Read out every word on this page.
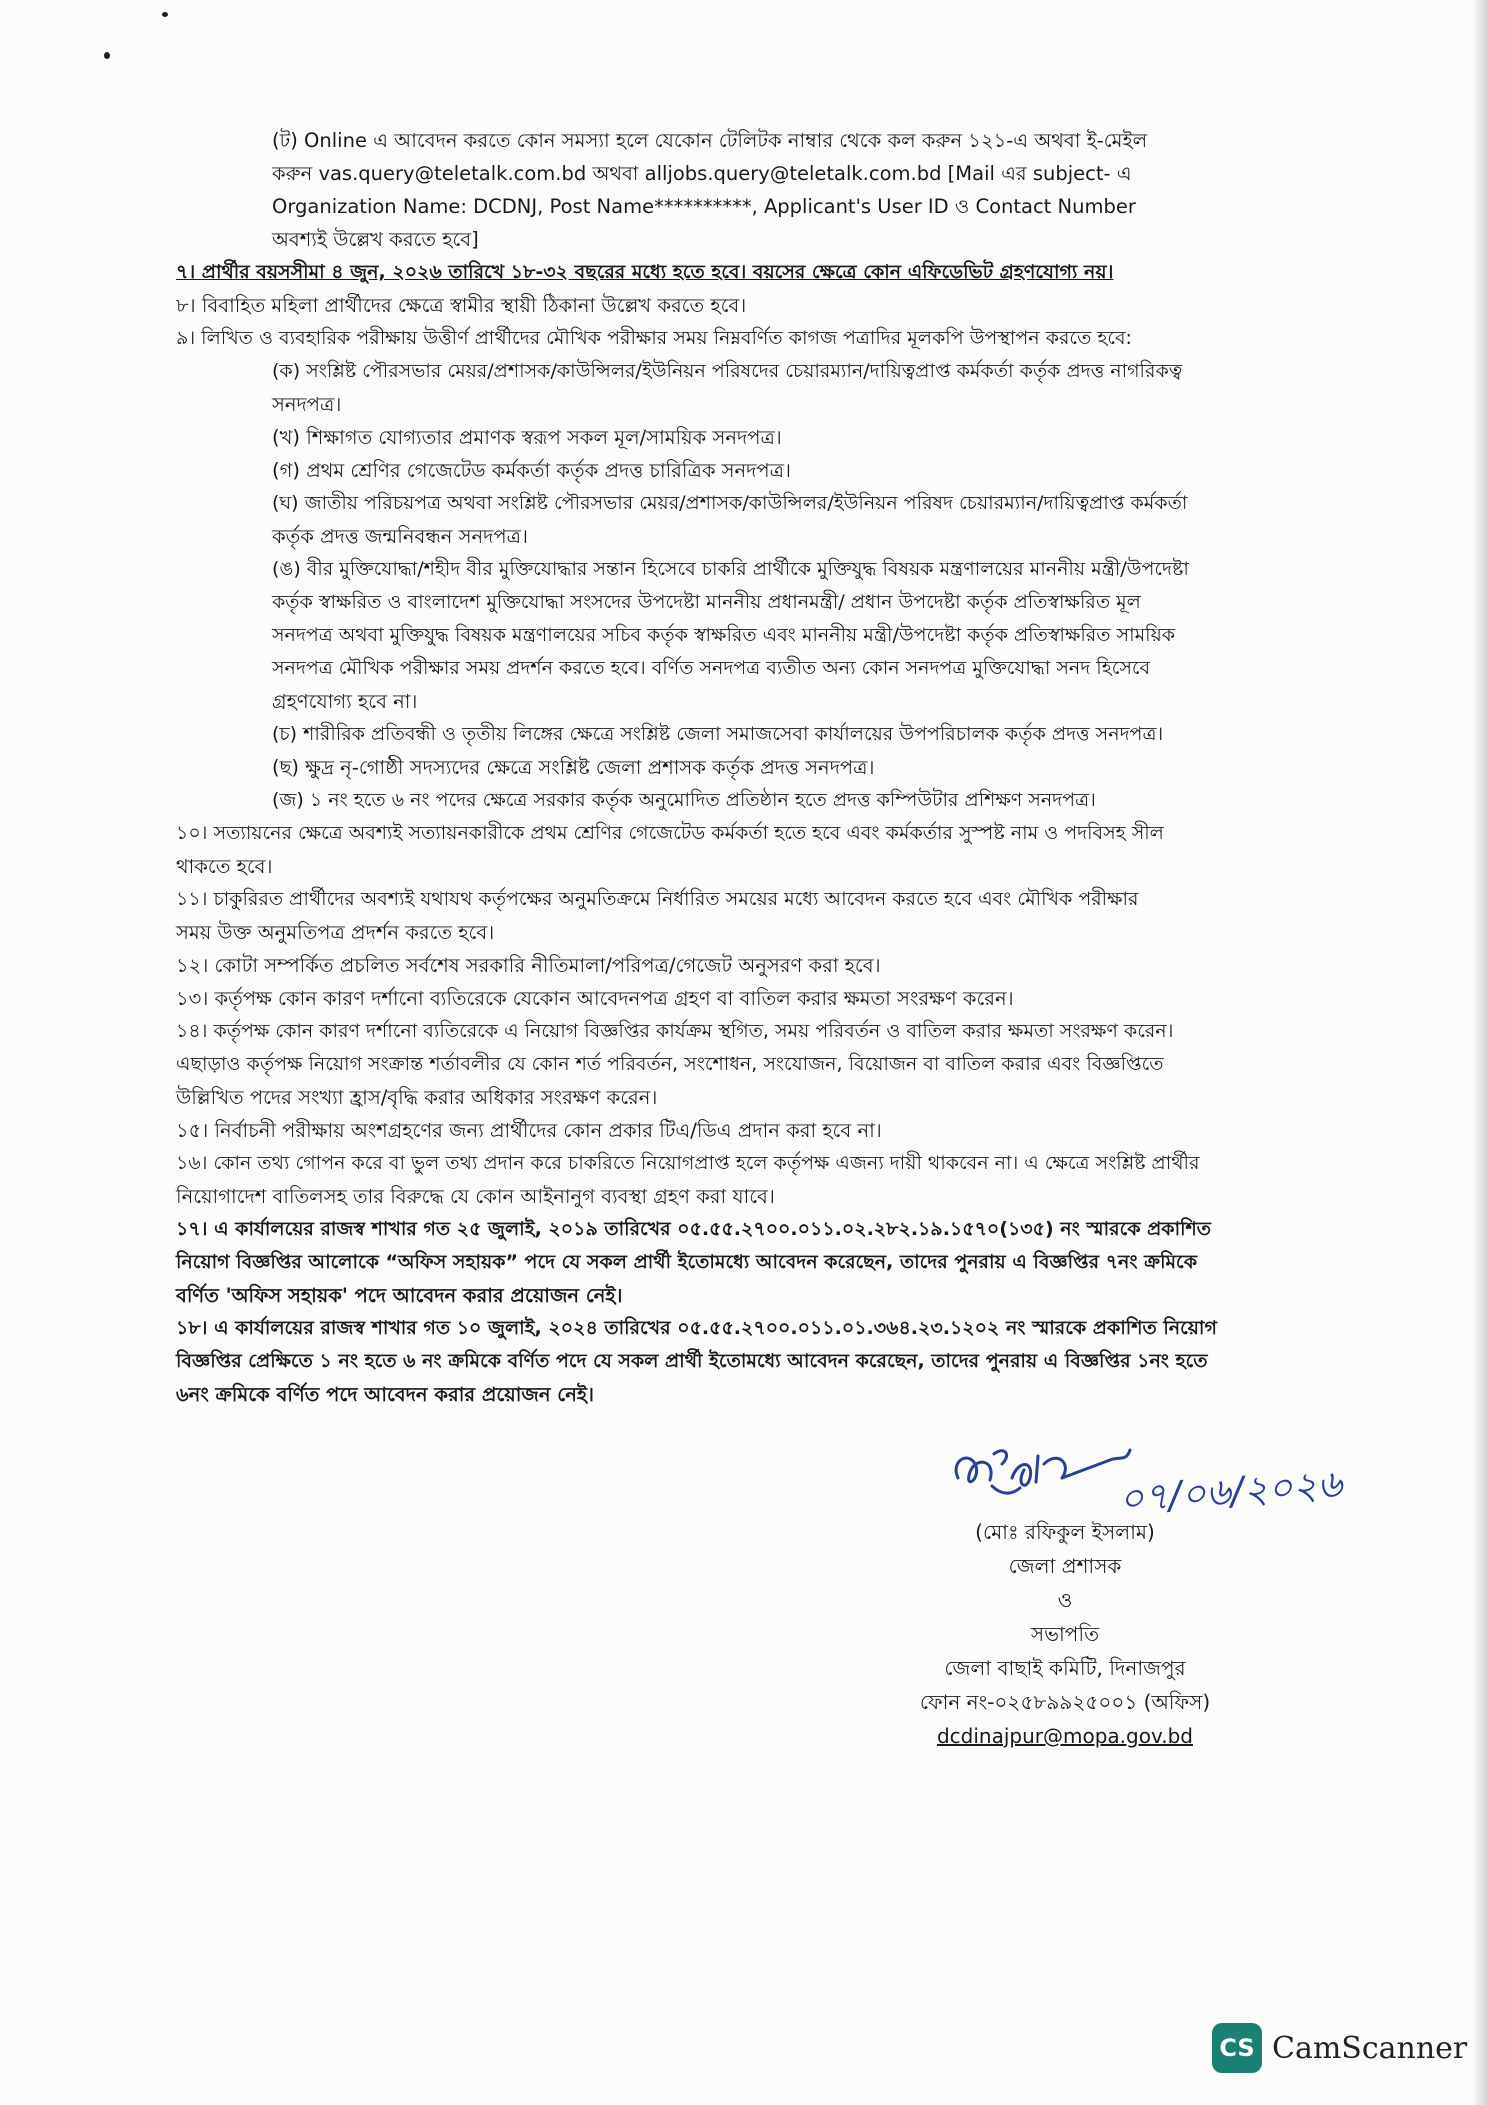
(ট) Online এ আবেদন করতে কোন সমস্যা হলে যেকোন টেলিটক নাম্বার থেকে কল করুন ১২১-এ অথবা ই-মেইল
করুন vas.query@teletalk.com.bd অথবা alljobs.query@teletalk.com.bd [Mail এর subject- এ
Organization Name: DCDNJ, Post Name**********, Applicant's User ID ও Contact Number
অবশ্যই উল্লেখ করতে হবে]
৭। প্রার্থীর বয়সসীমা ৪ জুন, ২০২৬ তারিখে ১৮-৩২ বছরের মধ্যে হতে হবে। বয়সের ক্ষেত্রে কোন এফিডেভিট গ্রহণযোগ্য নয়।
৮। বিবাহিত মহিলা প্রার্থীদের ক্ষেত্রে স্বামীর স্থায়ী ঠিকানা উল্লেখ করতে হবে।
৯। লিখিত ও ব্যবহারিক পরীক্ষায় উত্তীর্ণ প্রার্থীদের মৌখিক পরীক্ষার সময় নিম্নবর্ণিত কাগজ পত্রাদির মূলকপি উপস্থাপন করতে হবে:
(ক) সংশ্লিষ্ট পৌরসভার মেয়র/প্রশাসক/কাউন্সিলর/ইউনিয়ন পরিষদের চেয়ারম্যান/দায়িত্বপ্রাপ্ত কর্মকর্তা কর্তৃক প্রদত্ত নাগরিকত্ব
সনদপত্র।
(খ) শিক্ষাগত যোগ্যতার প্রমাণক স্বরূপ সকল মূল/সাময়িক সনদপত্র।
(গ) প্রথম শ্রেণির গেজেটেড কর্মকর্তা কর্তৃক প্রদত্ত চারিত্রিক সনদপত্র।
(ঘ) জাতীয় পরিচয়পত্র অথবা সংশ্লিষ্ট পৌরসভার মেয়র/প্রশাসক/কাউন্সিলর/ইউনিয়ন পরিষদ চেয়ারম্যান/দায়িত্বপ্রাপ্ত কর্মকর্তা
কর্তৃক প্রদত্ত জন্মনিবন্ধন সনদপত্র।
(ঙ) বীর মুক্তিযোদ্ধা/শহীদ বীর মুক্তিযোদ্ধার সন্তান হিসেবে চাকরি প্রার্থীকে মুক্তিযুদ্ধ বিষয়ক মন্ত্রণালয়ের মাননীয় মন্ত্রী/উপদেষ্টা
কর্তৃক স্বাক্ষরিত ও বাংলাদেশ মুক্তিযোদ্ধা সংসদের উপদেষ্টা মাননীয় প্রধানমন্ত্রী/ প্রধান উপদেষ্টা কর্তৃক প্রতিস্বাক্ষরিত মূল
সনদপত্র অথবা মুক্তিযুদ্ধ বিষয়ক মন্ত্রণালয়ের সচিব কর্তৃক স্বাক্ষরিত এবং মাননীয় মন্ত্রী/উপদেষ্টা কর্তৃক প্রতিস্বাক্ষরিত সাময়িক
সনদপত্র মৌখিক পরীক্ষার সময় প্রদর্শন করতে হবে। বর্ণিত সনদপত্র ব্যতীত অন্য কোন সনদপত্র মুক্তিযোদ্ধা সনদ হিসেবে
গ্রহণযোগ্য হবে না।
(চ) শারীরিক প্রতিবন্ধী ও তৃতীয় লিঙ্গের ক্ষেত্রে সংশ্লিষ্ট জেলা সমাজসেবা কার্যালয়ের উপপরিচালক কর্তৃক প্রদত্ত সনদপত্র।
(ছ) ক্ষুদ্র নৃ-গোষ্ঠী সদস্যদের ক্ষেত্রে সংশ্লিষ্ট জেলা প্রশাসক কর্তৃক প্রদত্ত সনদপত্র।
(জ) ১ নং হতে ৬ নং পদের ক্ষেত্রে সরকার কর্তৃক অনুমোদিত প্রতিষ্ঠান হতে প্রদত্ত কম্পিউটার প্রশিক্ষণ সনদপত্র।
১০। সত্যায়নের ক্ষেত্রে অবশ্যই সত্যায়নকারীকে প্রথম শ্রেণির গেজেটেড কর্মকর্তা হতে হবে এবং কর্মকর্তার সুস্পষ্ট নাম ও পদবিসহ সীল
থাকতে হবে।
১১। চাকুরিরত প্রার্থীদের অবশ্যই যথাযথ কর্তৃপক্ষের অনুমতিক্রমে নির্ধারিত সময়ের মধ্যে আবেদন করতে হবে এবং মৌখিক পরীক্ষার
সময় উক্ত অনুমতিপত্র প্রদর্শন করতে হবে।
১২। কোটা সম্পর্কিত প্রচলিত সর্বশেষ সরকারি নীতিমালা/পরিপত্র/গেজেট অনুসরণ করা হবে।
১৩। কর্তৃপক্ষ কোন কারণ দর্শানো ব্যতিরেকে যেকোন আবেদনপত্র গ্রহণ বা বাতিল করার ক্ষমতা সংরক্ষণ করেন।
১৪। কর্তৃপক্ষ কোন কারণ দর্শানো ব্যতিরেকে এ নিয়োগ বিজ্ঞপ্তির কার্যক্রম স্থগিত, সময় পরিবর্তন ও বাতিল করার ক্ষমতা সংরক্ষণ করেন।
এছাড়াও কর্তৃপক্ষ নিয়োগ সংক্রান্ত শর্তাবলীর যে কোন শর্ত পরিবর্তন, সংশোধন, সংযোজন, বিয়োজন বা বাতিল করার এবং বিজ্ঞপ্তিতে
উল্লিখিত পদের সংখ্যা হ্রাস/বৃদ্ধি করার অধিকার সংরক্ষণ করেন।
১৫। নির্বাচনী পরীক্ষায় অংশগ্রহণের জন্য প্রার্থীদের কোন প্রকার টিএ/ডিএ প্রদান করা হবে না।
১৬। কোন তথ্য গোপন করে বা ভুল তথ্য প্রদান করে চাকরিতে নিয়োগপ্রাপ্ত হলে কর্তৃপক্ষ এজন্য দায়ী থাকবেন না। এ ক্ষেত্রে সংশ্লিষ্ট প্রার্থীর
নিয়োগাদেশ বাতিলসহ তার বিরুদ্ধে যে কোন আইনানুগ ব্যবস্থা গ্রহণ করা যাবে।
১৭। এ কার্যালয়ের রাজস্ব শাখার গত ২৫ জুলাই, ২০১৯ তারিখের ০৫.৫৫.২৭০০.০১১.০২.২৮২.১৯.১৫৭০(১৩৫) নং স্মারকে প্রকাশিত
নিয়োগ বিজ্ঞপ্তির আলোকে “অফিস সহায়ক” পদে যে সকল প্রার্থী ইতোমধ্যে আবেদন করেছেন, তাদের পুনরায় এ বিজ্ঞপ্তির ৭নং ক্রমিকে
বর্ণিত 'অফিস সহায়ক' পদে আবেদন করার প্রয়োজন নেই।
১৮। এ কার্যালয়ের রাজস্ব শাখার গত ১০ জুলাই, ২০২৪ তারিখের ০৫.৫৫.২৭০০.০১১.০১.৩৬৪.২৩.১২০২ নং স্মারকে প্রকাশিত নিয়োগ
বিজ্ঞপ্তির প্রেক্ষিতে ১ নং হতে ৬ নং ক্রমিকে বর্ণিত পদে যে সকল প্রার্থী ইতোমধ্যে আবেদন করেছেন, তাদের পুনরায় এ বিজ্ঞপ্তির ১নং হতে
৬নং ক্রমিকে বর্ণিত পদে আবেদন করার প্রয়োজন নেই।
০৭/০৬/২০২৬
(মোঃ রফিকুল ইসলাম)
জেলা প্রশাসক
ও
সভাপতি
জেলা বাছাই কমিটি, দিনাজপুর
ফোন নং-০২৫৮৯৯২৫০০১ (অফিস)
dcdinajpur@mopa.gov.bd
CS CamScanner
